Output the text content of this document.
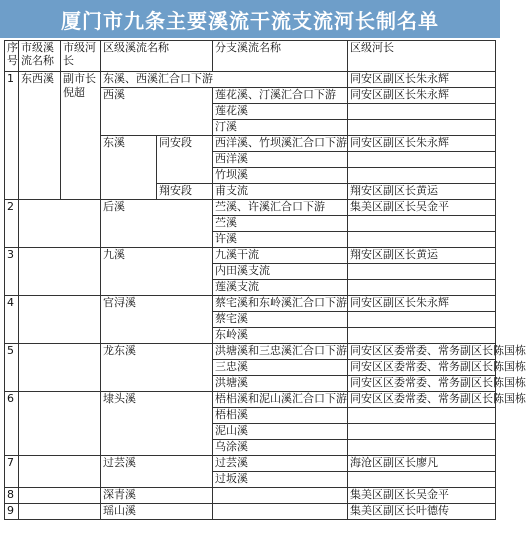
厦门市九条主要溪流干流支流河长制名单
序号	市级溪流名称	市级河长	区级溪流名称		分支溪流名称	区级河长
1	东西溪	副市长倪超	东溪、西溪汇合口下游			同安区副区长朱永辉
			西溪		莲花溪、汀溪汇合口下游	同安区副区长朱永辉
					莲花溪	
					汀溪	
			东溪	同安段	西洋溪、竹坝溪汇合口下游	同安区副区长朱永辉
					西洋溪	
					竹坝溪	
				翔安段	甫支流	翔安区副区长黄运
2			后溪		苎溪、许溪汇合口下游	集美区副区长吴金平
					苎溪	
					许溪	
3			九溪		九溪干流	翔安区副区长黄运
					内田溪支流	
					莲溪支流	
4			官浔溪		蔡宅溪和东岭溪汇合口下游	同安区副区长朱永辉
					蔡宅溪	
					东岭溪	
5			龙东溪		洪塘溪和三忠溪汇合口下游	同安区区委常委、常务副区长陈国栋
					三忠溪	同安区区委常委、常务副区长陈国栋
					洪塘溪	同安区区委常委、常务副区长陈国栋
6			埭头溪		梧梠溪和泥山溪汇合口下游	同安区区委常委、常务副区长陈国栋
					梧梠溪	
					泥山溪	
					乌涂溪	
7			过芸溪		过芸溪	海沧区副区长廖凡
					过坂溪	
8			深青溪			集美区副区长吴金平
9			瑶山溪			集美区副区长叶德传
